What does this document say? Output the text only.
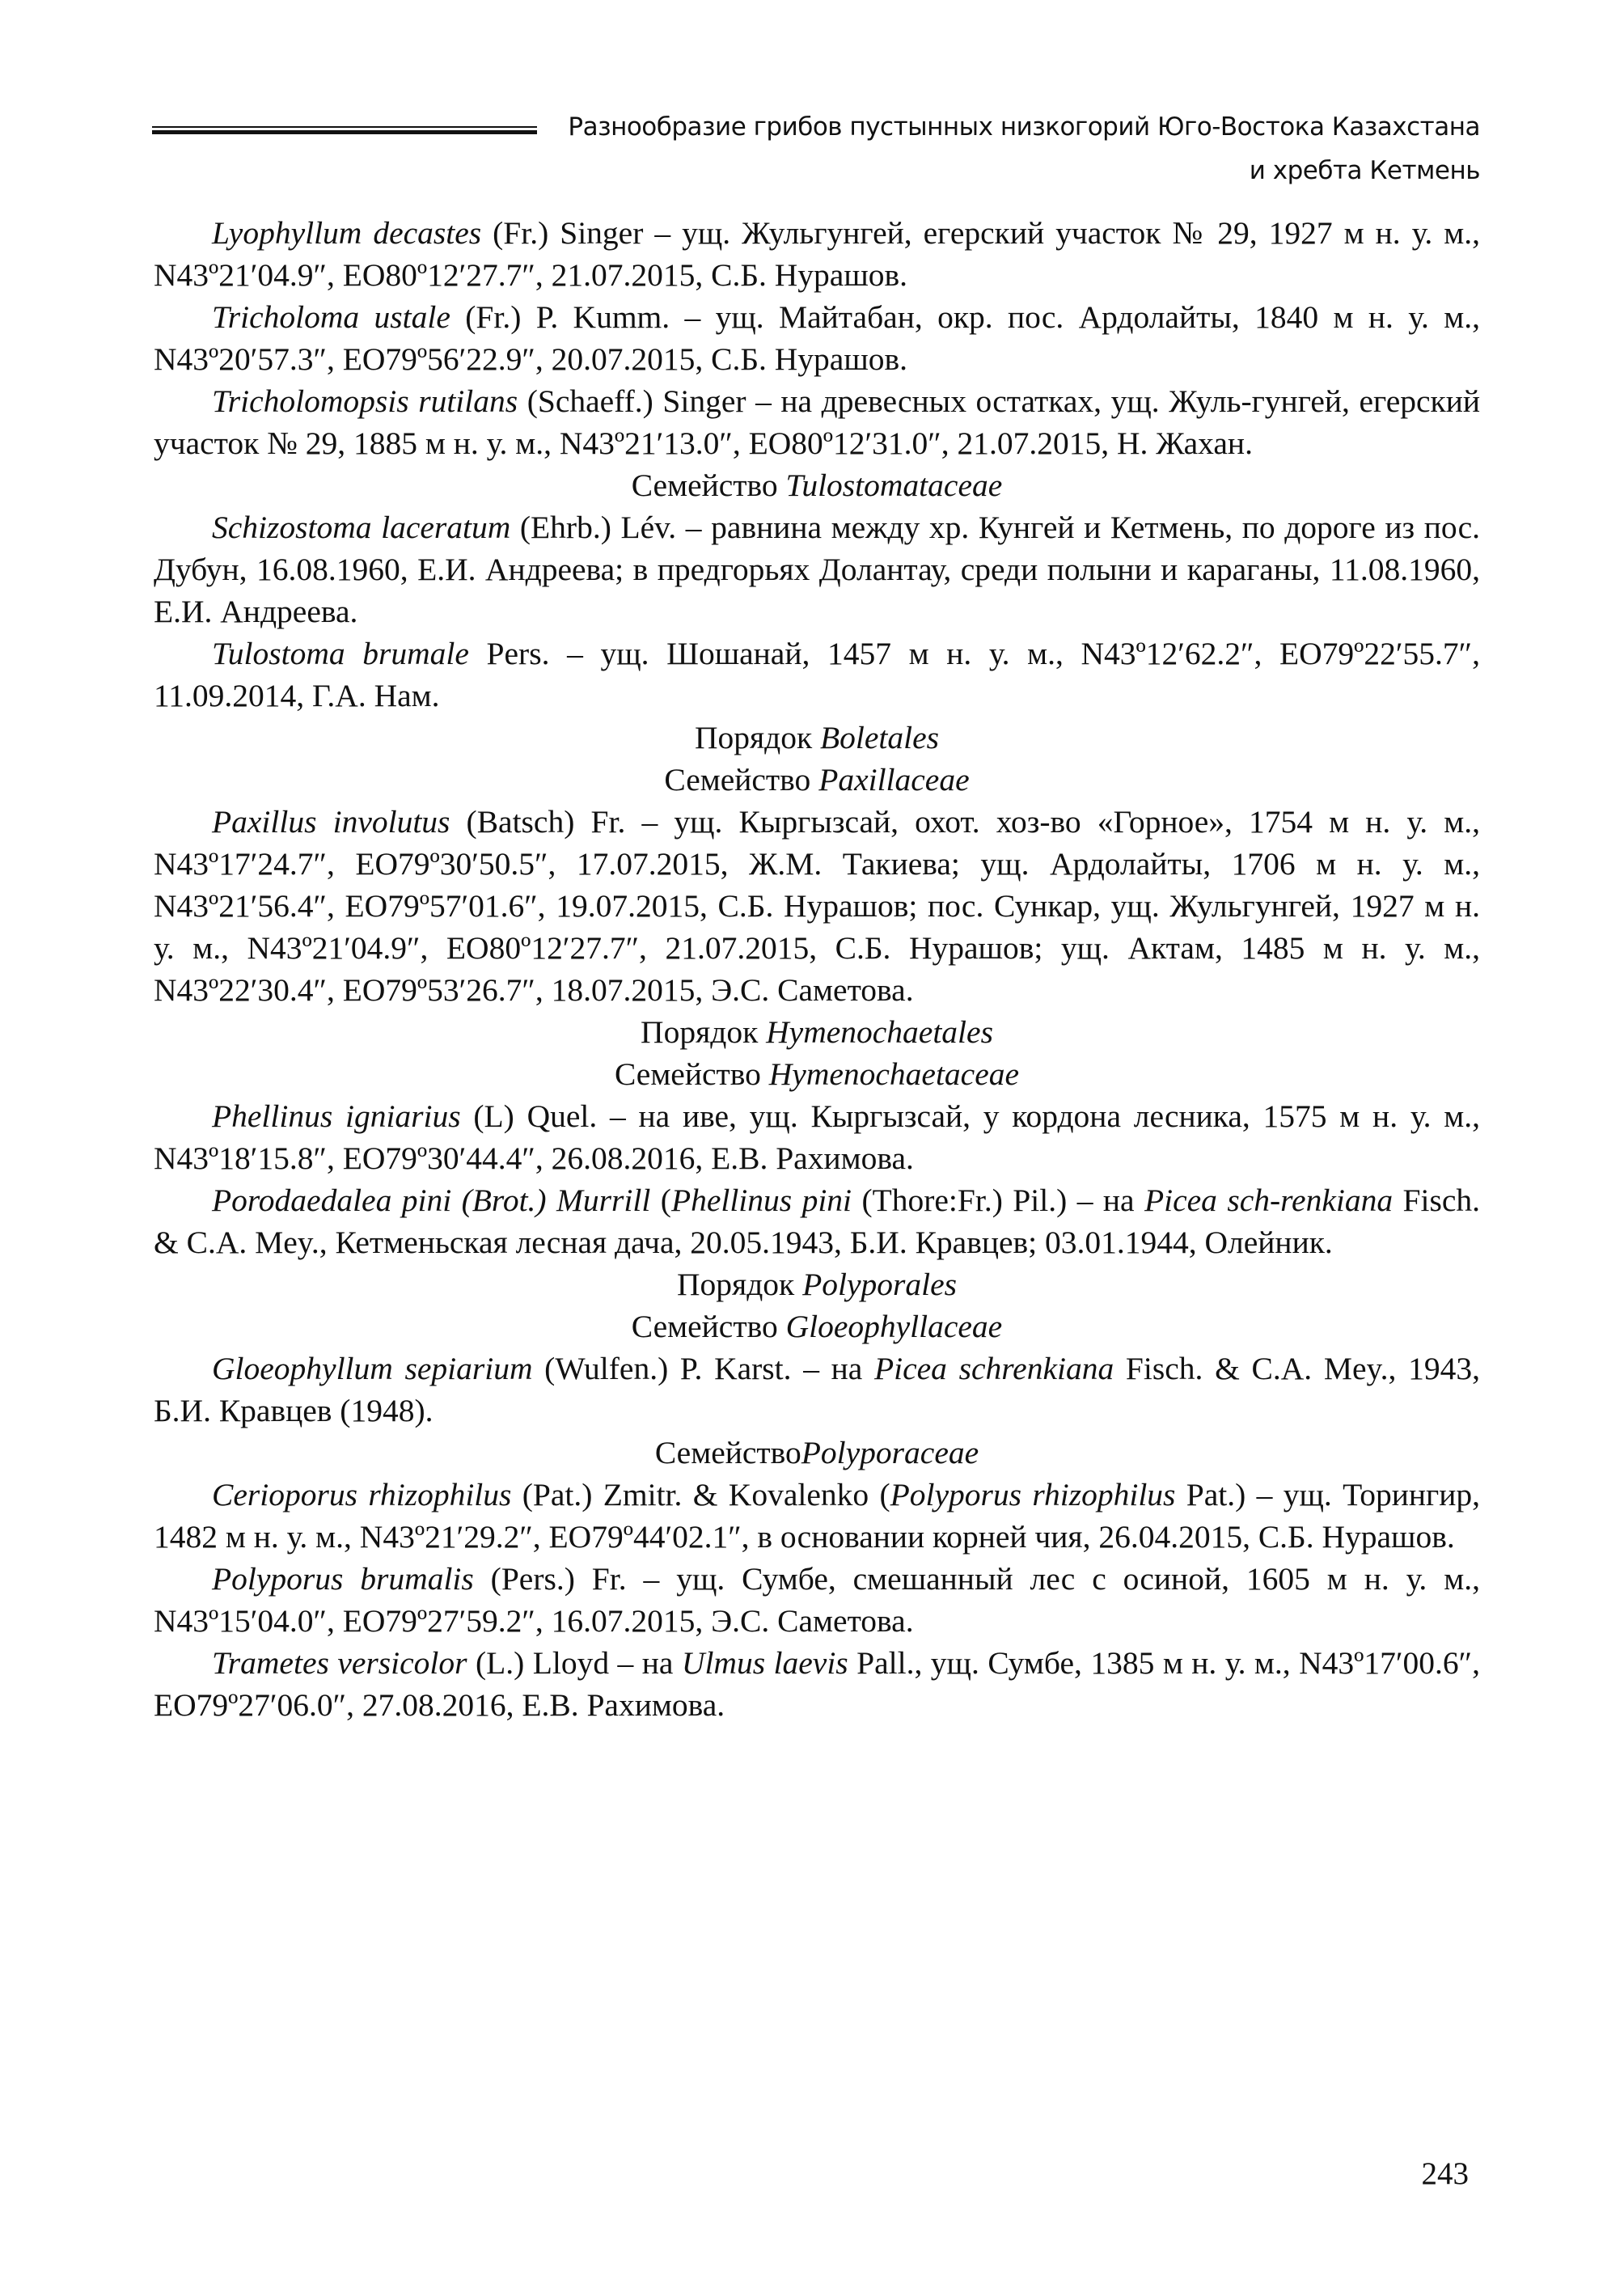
Разнообразие грибов пустынных низкогорий Юго-Востока Казахстана
и хребта Кетмень

Lyophyllum decastes (Fr.) Singer – ущ. Жульгунгей, егерский участок № 29, 1927 м н. у. м., N43º21′04.9″, EO80º12′27.7″, 21.07.2015, С.Б. Нурашов.

Tricholoma ustale (Fr.) P. Kumm. – ущ. Майтабан, окр. пос. Ардолайты, 1840 м н. у. м., N43º20′57.3″, EO79º56′22.9″, 20.07.2015, С.Б. Нурашов.

Tricholomopsis rutilans (Schaeff.) Singer – на древесных остатках, ущ. Жуль-гунгей, егерский участок № 29, 1885 м н. у. м., N43º21′13.0″, EO80º12′31.0″, 21.07.2015, Н. Жахан.

Семейство Tulostomataceae

Schizostoma laceratum (Ehrb.) Lév. – равнина между хр. Кунгей и Кетмень, по дороге из пос. Дубун, 16.08.1960, Е.И. Андреева; в предгорьях Долантау, среди полыни и караганы, 11.08.1960, Е.И. Андреева.

Tulostoma brumale Pers. – ущ. Шошанай, 1457 м н. у. м., N43º12′62.2″, EO79º22′55.7″, 11.09.2014, Г.А. Нам.

Порядок Boletales

Семейство Paxillaceae

Paxillus involutus (Batsch) Fr. – ущ. Кыргызсай, охот. хоз-во «Горное», 1754 м н. у. м., N43º17′24.7″, EO79º30′50.5″, 17.07.2015, Ж.М. Такиева; ущ. Ардолайты, 1706 м н. у. м., N43º21′56.4″, EO79º57′01.6″, 19.07.2015, С.Б. Нурашов; пос. Сункар, ущ. Жульгунгей, 1927 м н. у. м., N43º21′04.9″, EO80º12′27.7″, 21.07.2015, С.Б. Нурашов; ущ. Актам, 1485 м н. у. м., N43º22′30.4″, EO79º53′26.7″, 18.07.2015, Э.С. Саметова.

Порядок Hymenochaetales

Семейство Hymenochaetaceae

Phellinus igniarius (L) Quel. – на иве, ущ. Кыргызсай, у кордона лесника, 1575 м н. у. м., N43º18′15.8″, EO79º30′44.4″, 26.08.2016, Е.В. Рахимова.

Porodaedalea pini (Brot.) Murrill (Phellinus pini (Thore:Fr.) Pil.) – на Picea sch-renkiana Fisch. & C.A. Mey., Кетменьская лесная дача, 20.05.1943, Б.И. Кравцев; 03.01.1944, Олейник.

Порядок Polyporales

Семейство Gloeophyllaceae

Gloeophyllum sepiarium (Wulfen.) P. Karst. – на Picea schrenkiana Fisch. & C.A. Mey., 1943, Б.И. Кравцев (1948).

СемействоPolyporaceae

Cerioporus rhizophilus (Pat.) Zmitr. & Kovalenko (Polyporus rhizophilus Pat.) – ущ. Торингир, 1482 м н. у. м., N43º21′29.2″, EO79º44′02.1″, в основании корней чия, 26.04.2015, С.Б. Нурашов.

Polyporus brumalis (Pers.) Fr. – ущ. Сумбе, смешанный лес с осиной, 1605 м н. у. м., N43º15′04.0″, EO79º27′59.2″, 16.07.2015, Э.С. Саметова.

Trametes versicolor (L.) Lloyd – на Ulmus laevis Pall., ущ. Сумбе, 1385 м н. у. м., N43º17′00.6″, EO79º27′06.0″, 27.08.2016, Е.В. Рахимова.

243
